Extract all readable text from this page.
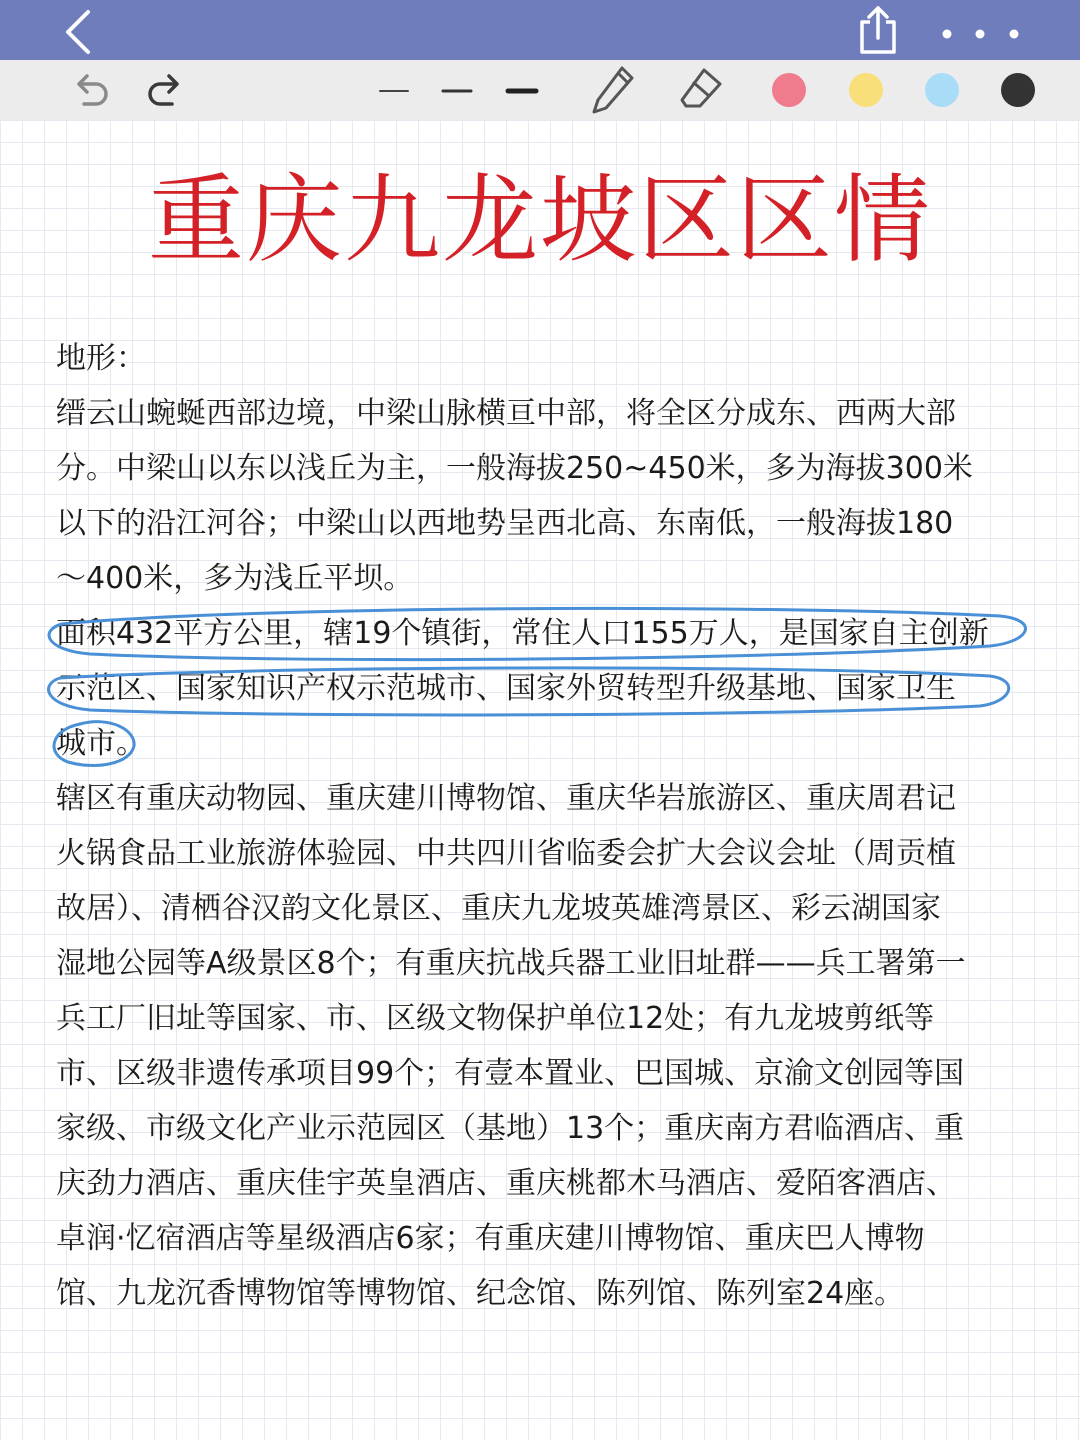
重庆九龙坡区区情
地形：
缙云山蜿蜒西部边境，中梁山脉横亘中部，将全区分成东、西两大部
分。中梁山以东以浅丘为主，一般海拔250~450米，多为海拔300米
以下的沿江河谷；中梁山以西地势呈西北高、东南低，一般海拔180
～400米，多为浅丘平坝。
面积432平方公里，辖19个镇街，常住人口155万人，是国家自主创新
示范区、国家知识产权示范城市、国家外贸转型升级基地、国家卫生
城市。
辖区有重庆动物园、重庆建川博物馆、重庆华岩旅游区、重庆周君记
火锅食品工业旅游体验园、中共四川省临委会扩大会议会址（周贡植
故居）、清栖谷汉韵文化景区、重庆九龙坡英雄湾景区、彩云湖国家
湿地公园等A级景区8个；有重庆抗战兵器工业旧址群——兵工署第一
兵工厂旧址等国家、市、区级文物保护单位12处；有九龙坡剪纸等
市、区级非遗传承项目99个；有壹本置业、巴国城、京渝文创园等国
家级、市级文化产业示范园区（基地）13个；重庆南方君临酒店、重
庆劲力酒店、重庆佳宇英皇酒店、重庆桃都木马酒店、爱陌客酒店、
卓润·忆宿酒店等星级酒店6家；有重庆建川博物馆、重庆巴人博物
馆、九龙沉香博物馆等博物馆、纪念馆、陈列馆、陈列室24座。
